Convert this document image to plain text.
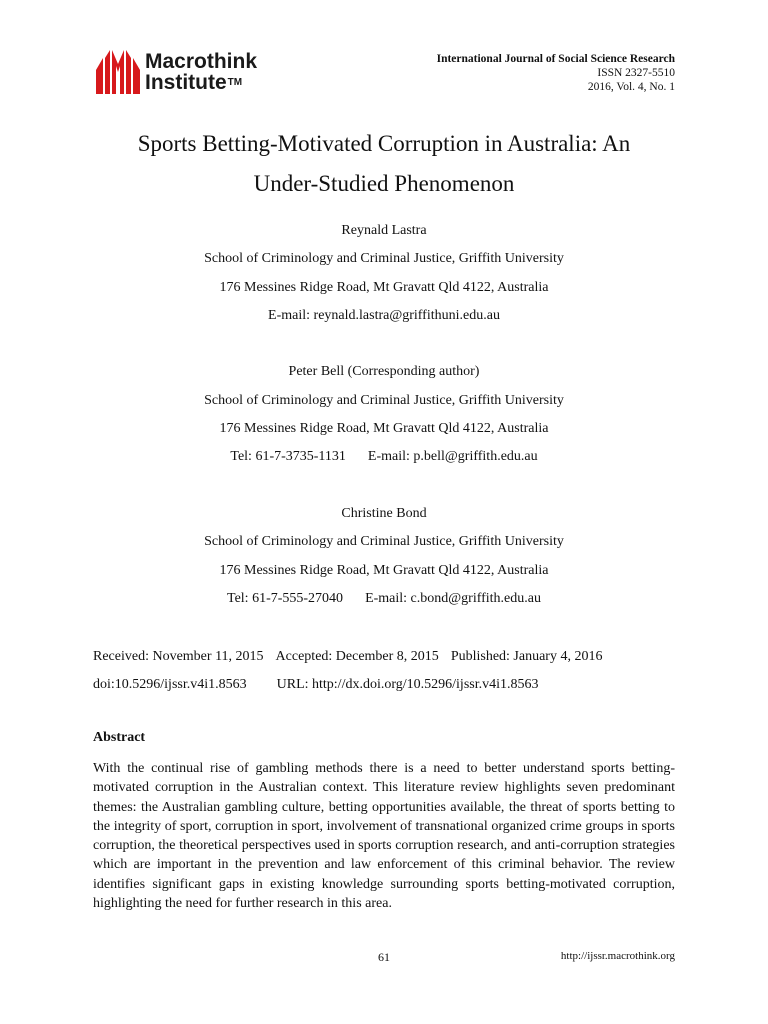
Macrothink
Institute™
International Journal of Social Science Research
ISSN 2327-5510
2016, Vol. 4, No. 1
Sports Betting-Motivated Corruption in Australia: An
Under-Studied Phenomenon
Reynald Lastra
School of Criminology and Criminal Justice, Griffith University
176 Messines Ridge Road, Mt Gravatt Qld 4122, Australia
E-mail: reynald.lastra@griffithuni.edu.au
Peter Bell (Corresponding author)
School of Criminology and Criminal Justice, Griffith University
176 Messines Ridge Road, Mt Gravatt Qld 4122, Australia
Tel: 61-7-3735-1131 E-mail: p.bell@griffith.edu.au
Christine Bond
School of Criminology and Criminal Justice, Griffith University
176 Messines Ridge Road, Mt Gravatt Qld 4122, Australia
Tel: 61-7-555-27040 E-mail: c.bond@griffith.edu.au
Received: November 11, 2015 Accepted: December 8, 2015 Published: January 4, 2016
doi:10.5296/ijssr.v4i1.8563 URL: http://dx.doi.org/10.5296/ijssr.v4i1.8563
Abstract

With the continual rise of gambling methods there is a need to better understand sports betting-motivated corruption in the Australian context. This literature review highlights seven predominant themes: the Australian gambling culture, betting opportunities available, the threat of sports betting to the integrity of sport, corruption in sport, involvement of transnational organized crime groups in sports corruption, the theoretical perspectives used in sports corruption research, and anti-corruption strategies which are important in the prevention and law enforcement of this criminal behavior. The review identifies significant gaps in existing knowledge surrounding sports betting-motivated corruption, highlighting the need for further research in this area.

61	http://ijssr.macrothink.org
